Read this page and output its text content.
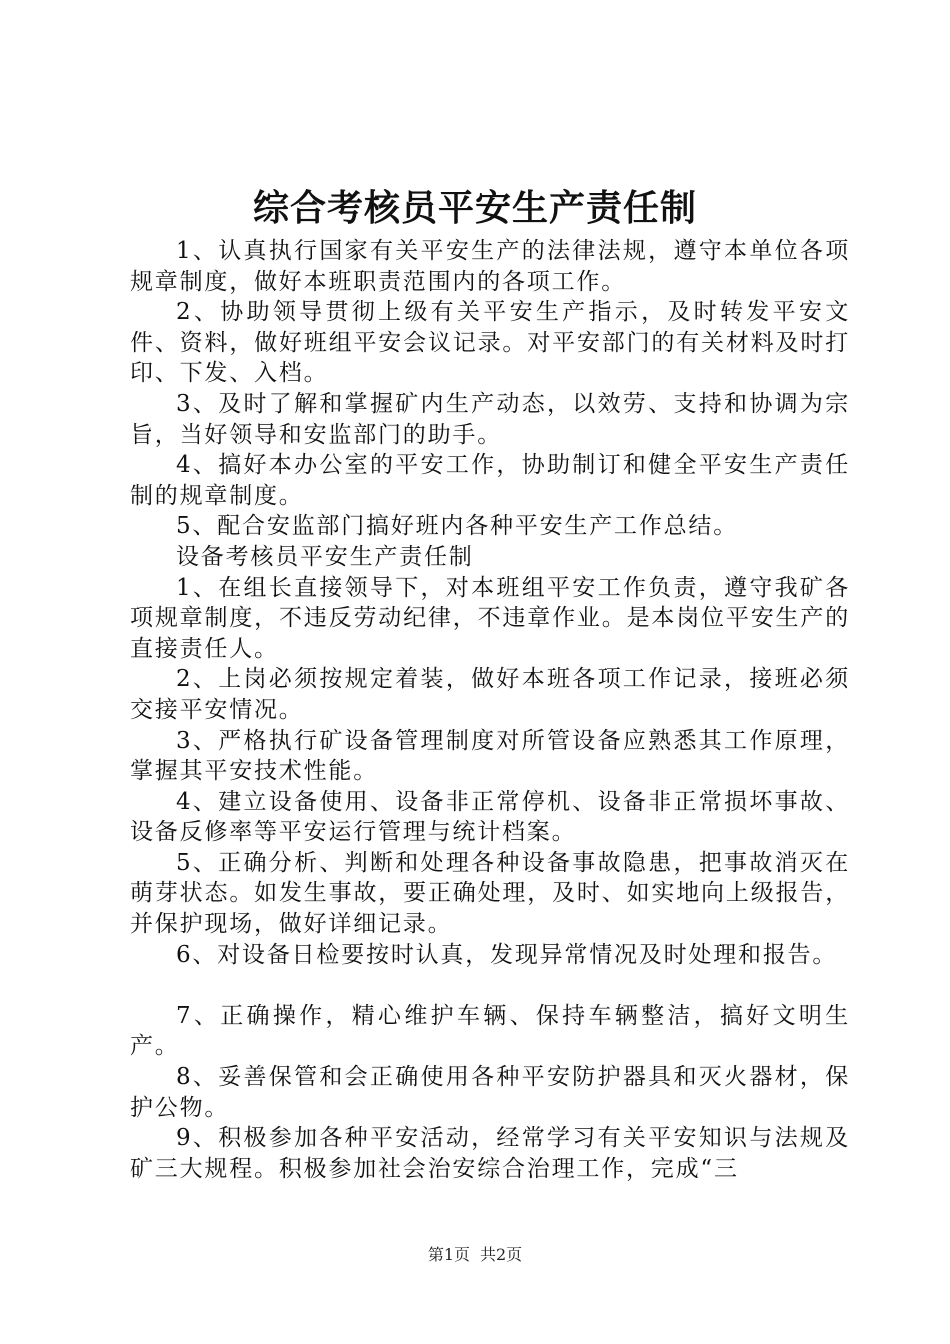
综合考核员平安生产责任制

1、认真执行国家有关平安生产的法律法规，遵守本单位各项规章制度，做好本班职责范围内的各项工作。

2、协助领导贯彻上级有关平安生产指示，及时转发平安文件、资料，做好班组平安会议记录。对平安部门的有关材料及时打印、下发、入档。

3、及时了解和掌握矿内生产动态，以效劳、支持和协调为宗旨，当好领导和安监部门的助手。

4、搞好本办公室的平安工作，协助制订和健全平安生产责任制的规章制度。

5、配合安监部门搞好班内各种平安生产工作总结。

设备考核员平安生产责任制

1、在组长直接领导下，对本班组平安工作负责，遵守我矿各项规章制度，不违反劳动纪律，不违章作业。是本岗位平安生产的直接责任人。

2、上岗必须按规定着装，做好本班各项工作记录，接班必须交接平安情况。

3、严格执行矿设备管理制度对所管设备应熟悉其工作原理，掌握其平安技术性能。

4、建立设备使用、设备非正常停机、设备非正常损坏事故、设备反修率等平安运行管理与统计档案。

5、正确分析、判断和处理各种设备事故隐患，把事故消灭在萌芽状态。如发生事故，要正确处理，及时、如实地向上级报告，并保护现场，做好详细记录。

6、对设备日检要按时认真，发现异常情况及时处理和报告。

7、正确操作，精心维护车辆、保持车辆整洁，搞好文明生产。

8、妥善保管和会正确使用各种平安防护器具和灭火器材，保护公物。

9、积极参加各种平安活动，经常学习有关平安知识与法规及矿三大规程。积极参加社会治安综合治理工作，完成“三

第1页 共2页
